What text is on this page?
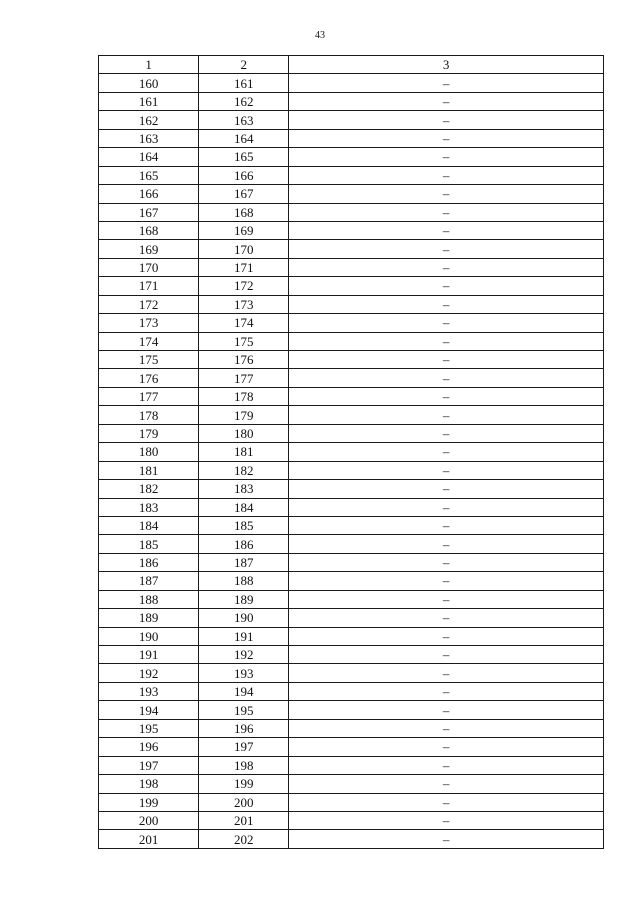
43
1	2	3
160	161	–
161	162	–
162	163	–
163	164	–
164	165	–
165	166	–
166	167	–
167	168	–
168	169	–
169	170	–
170	171	–
171	172	–
172	173	–
173	174	–
174	175	–
175	176	–
176	177	–
177	178	–
178	179	–
179	180	–
180	181	–
181	182	–
182	183	–
183	184	–
184	185	–
185	186	–
186	187	–
187	188	–
188	189	–
189	190	–
190	191	–
191	192	–
192	193	–
193	194	–
194	195	–
195	196	–
196	197	–
197	198	–
198	199	–
199	200	–
200	201	–
201	202	–
